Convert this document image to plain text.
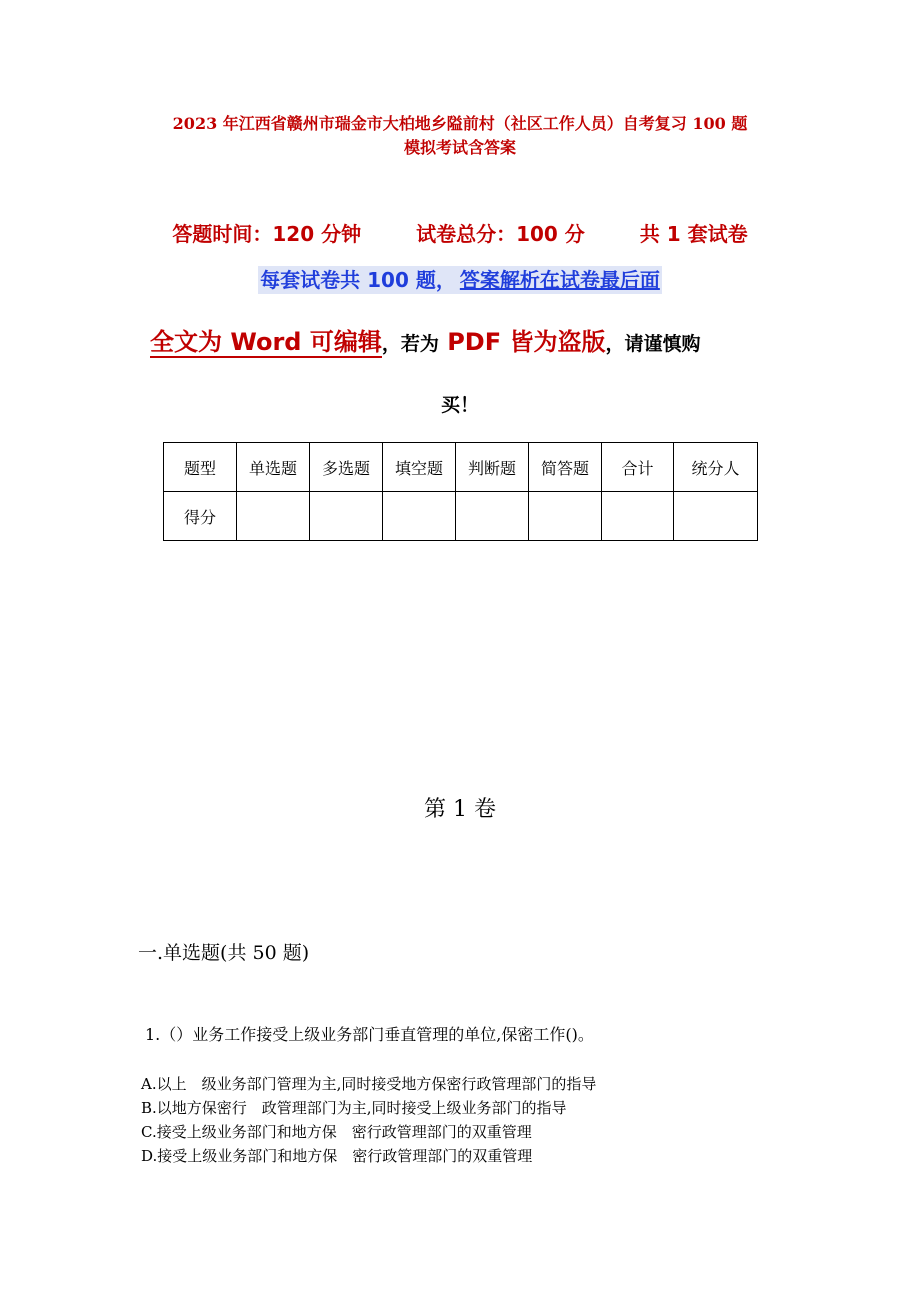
2023 年江西省赣州市瑞金市大柏地乡隘前村（社区工作人员）自考复习 100 题
模拟考试含答案
答题时间：120 分钟	试卷总分：100 分	共 1 套试卷
每套试卷共 100 题， 答案解析在试卷最后面
全文为 Word 可编辑，若为 PDF 皆为盗版，请谨慎购
买！
题型	单选题	多选题	填空题	判断题	简答题	合计	统分人
得分							
第 1 卷
一.单选题(共 50 题)
1.（）业务工作接受上级业务部门垂直管理的单位,保密工作()。
A.以上　级业务部门管理为主,同时接受地方保密行政管理部门的指导
B.以地方保密行　政管理部门为主,同时接受上级业务部门的指导
C.接受上级业务部门和地方保　密行政管理部门的双重管理
D.接受上级业务部门和地方保　密行政管理部门的双重管理
